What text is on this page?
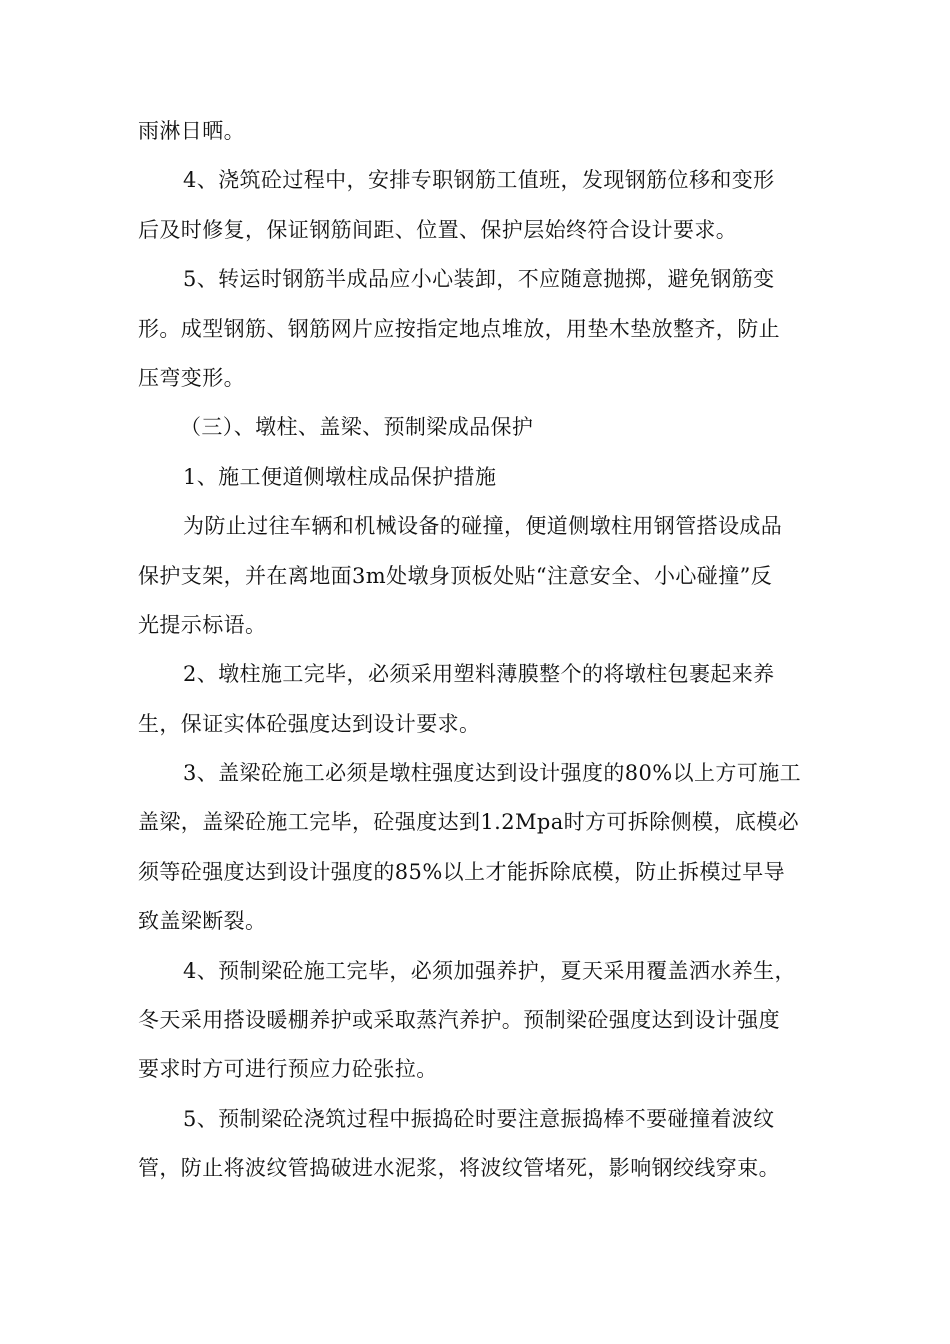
雨淋日晒。
4、浇筑砼过程中，安排专职钢筋工值班，发现钢筋位移和变形
后及时修复，保证钢筋间距、位置、保护层始终符合设计要求。
5、转运时钢筋半成品应小心装卸，不应随意抛掷，避免钢筋变
形。成型钢筋、钢筋网片应按指定地点堆放，用垫木垫放整齐，防止
压弯变形。
（三）、墩柱、盖梁、预制梁成品保护
1、施工便道侧墩柱成品保护措施
为防止过往车辆和机械设备的碰撞，便道侧墩柱用钢管搭设成品
保护支架，并在离地面3m处墩身顶板处贴“注意安全、小心碰撞”反
光提示标语。
2、墩柱施工完毕，必须采用塑料薄膜整个的将墩柱包裹起来养
生，保证实体砼强度达到设计要求。
3、盖梁砼施工必须是墩柱强度达到设计强度的80%以上方可施工
盖梁，盖梁砼施工完毕，砼强度达到1.2Mpa时方可拆除侧模，底模必
须等砼强度达到设计强度的85%以上才能拆除底模，防止拆模过早导
致盖梁断裂。
4、预制梁砼施工完毕，必须加强养护，夏天采用覆盖洒水养生，
冬天采用搭设暖棚养护或采取蒸汽养护。预制梁砼强度达到设计强度
要求时方可进行预应力砼张拉。
5、预制梁砼浇筑过程中振捣砼时要注意振捣棒不要碰撞着波纹
管，防止将波纹管捣破进水泥浆，将波纹管堵死，影响钢绞线穿束。
